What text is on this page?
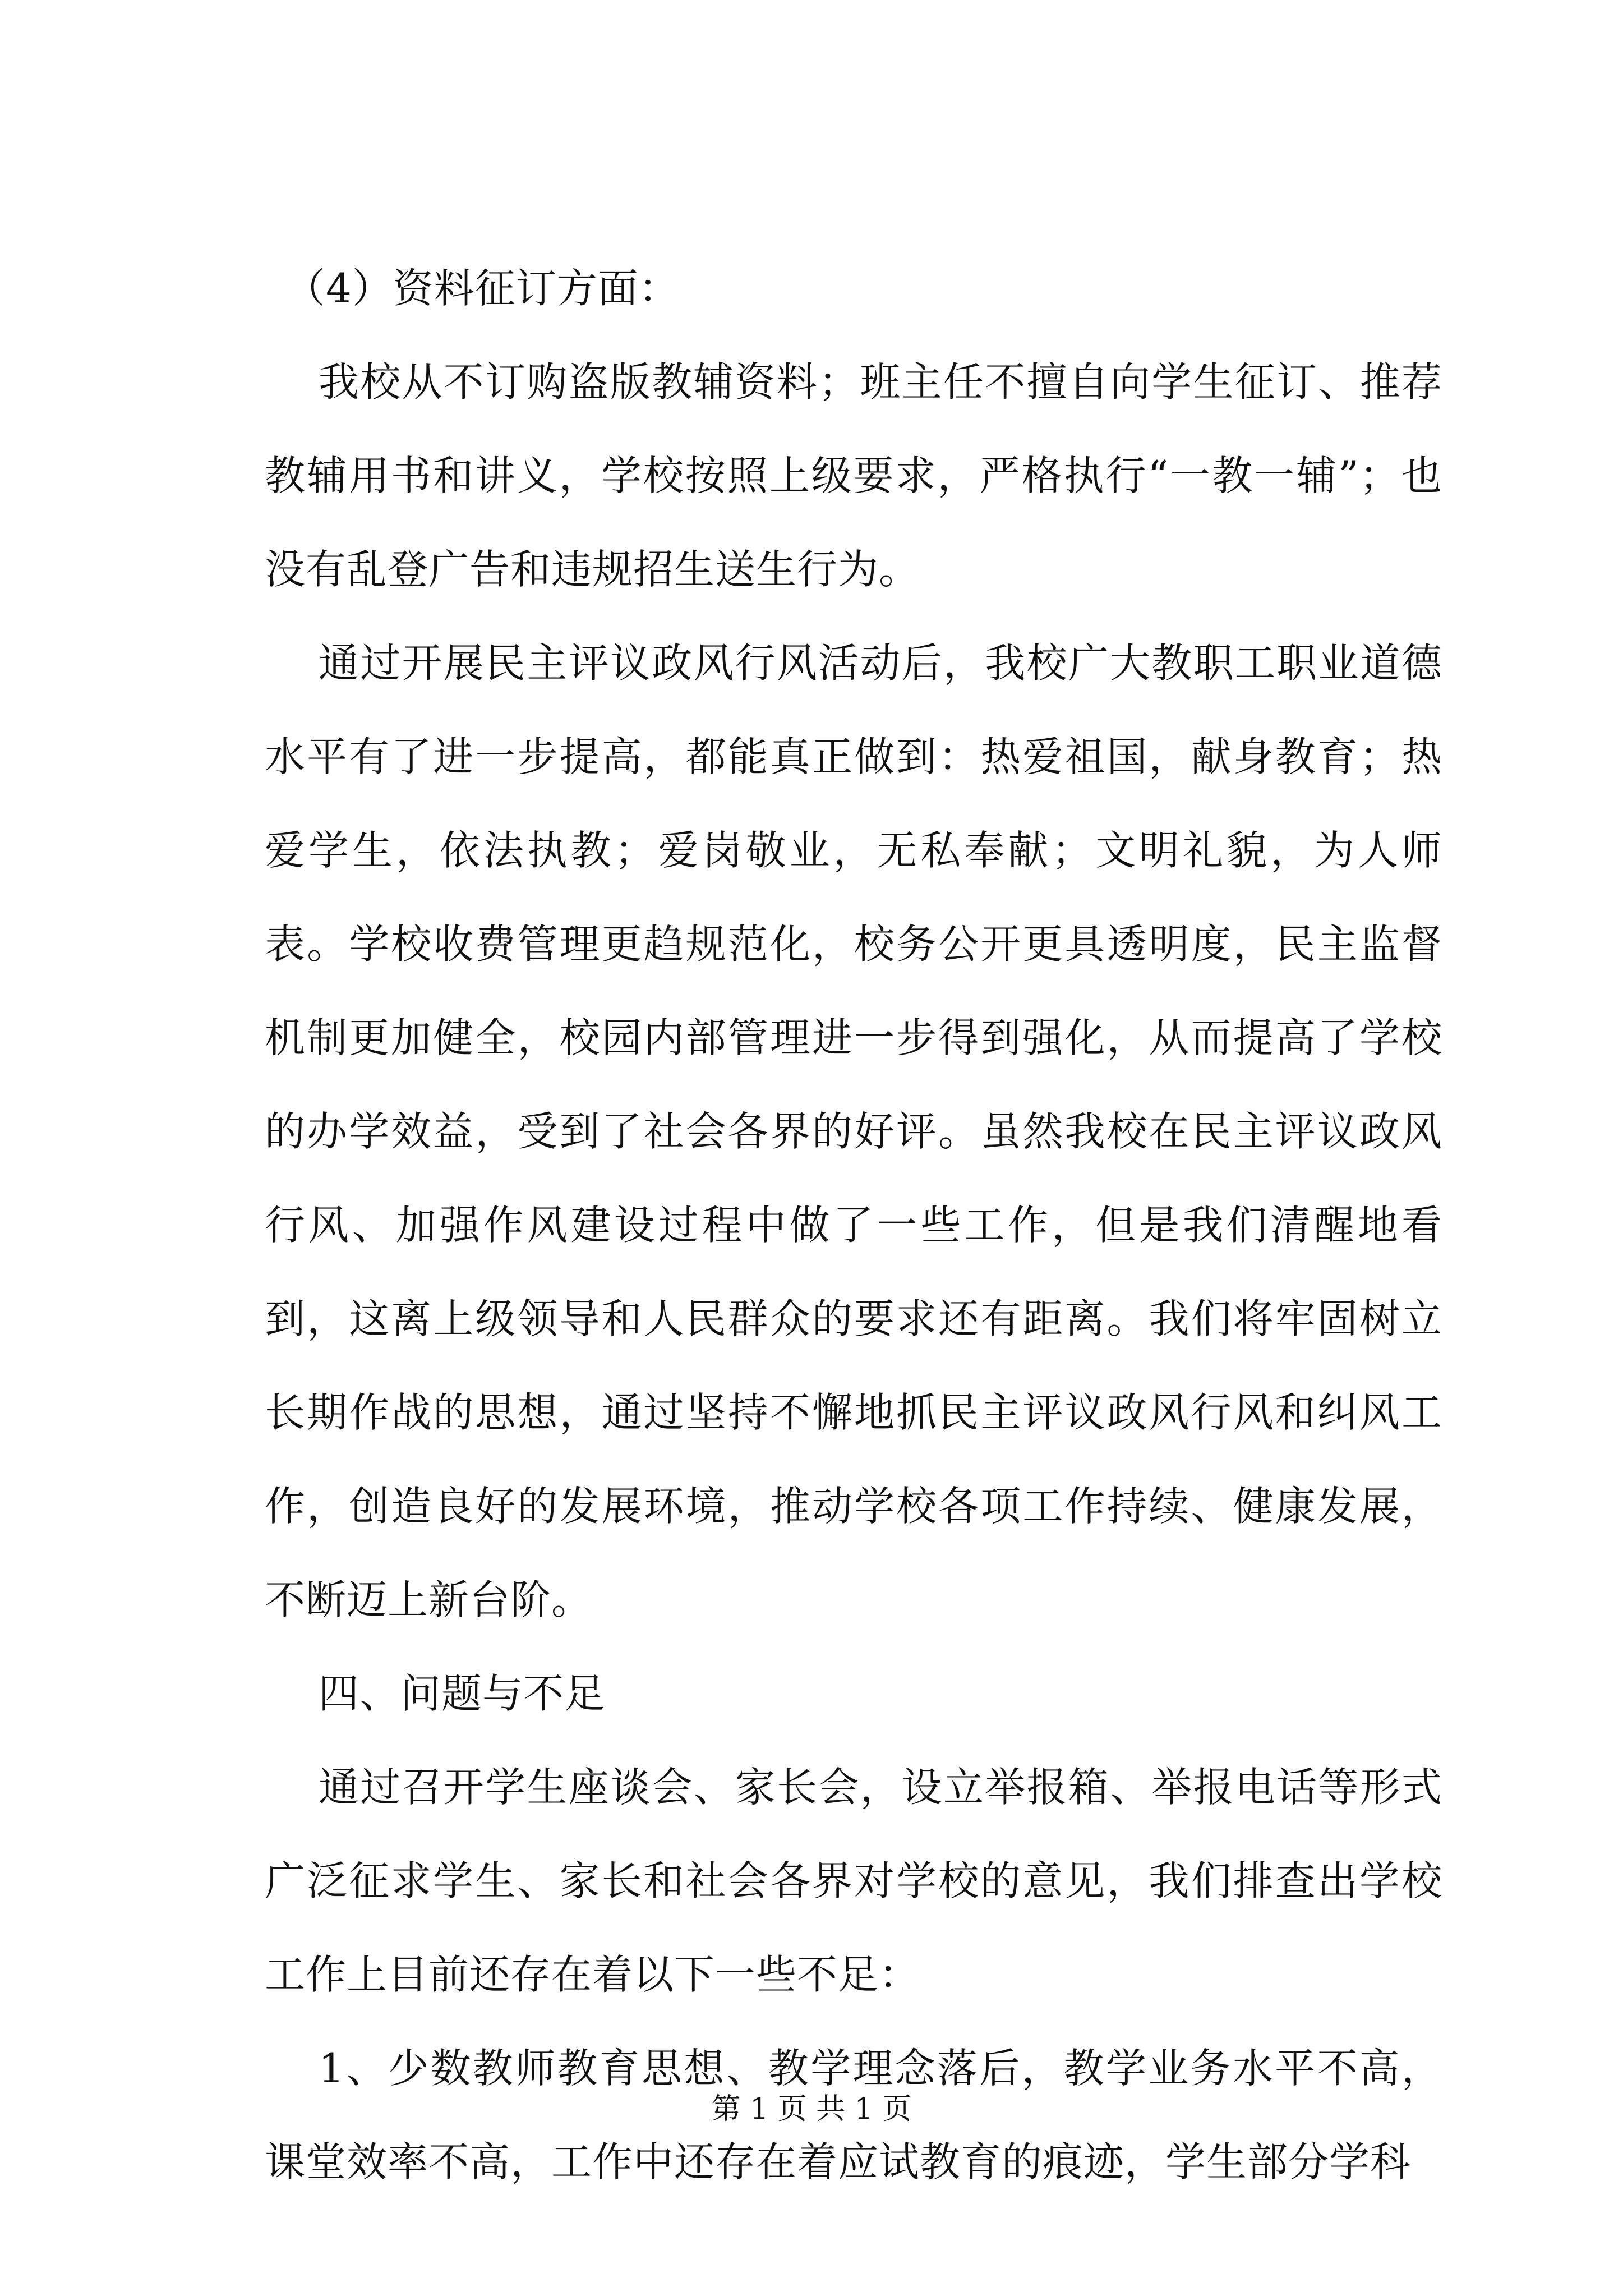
（4）资料征订方面：

我校从不订购盗版教辅资料；班主任不擅自向学生征订、推荐教辅用书和讲义，学校按照上级要求，严格执行“一教一辅”；也没有乱登广告和违规招生送生行为。

通过开展民主评议政风行风活动后，我校广大教职工职业道德水平有了进一步提高，都能真正做到：热爱祖国，献身教育；热爱学生，依法执教；爱岗敬业，无私奉献；文明礼貌，为人师表。学校收费管理更趋规范化，校务公开更具透明度，民主监督机制更加健全，校园内部管理进一步得到强化，从而提高了学校的办学效益，受到了社会各界的好评。虽然我校在民主评议政风行风、加强作风建设过程中做了一些工作，但是我们清醒地看到，这离上级领导和人民群众的要求还有距离。我们将牢固树立长期作战的思想，通过坚持不懈地抓民主评议政风行风和纠风工作，创造良好的发展环境，推动学校各项工作持续、健康发展，不断迈上新台阶。

四、问题与不足

通过召开学生座谈会、家长会，设立举报箱、举报电话等形式广泛征求学生、家长和社会各界对学校的意见，我们排查出学校工作上目前还存在着以下一些不足：

1、少数教师教育思想、教学理念落后，教学业务水平不高，课堂效率不高，工作中还存在着应试教育的痕迹，学生部分学科

第 1 页 共 1 页
